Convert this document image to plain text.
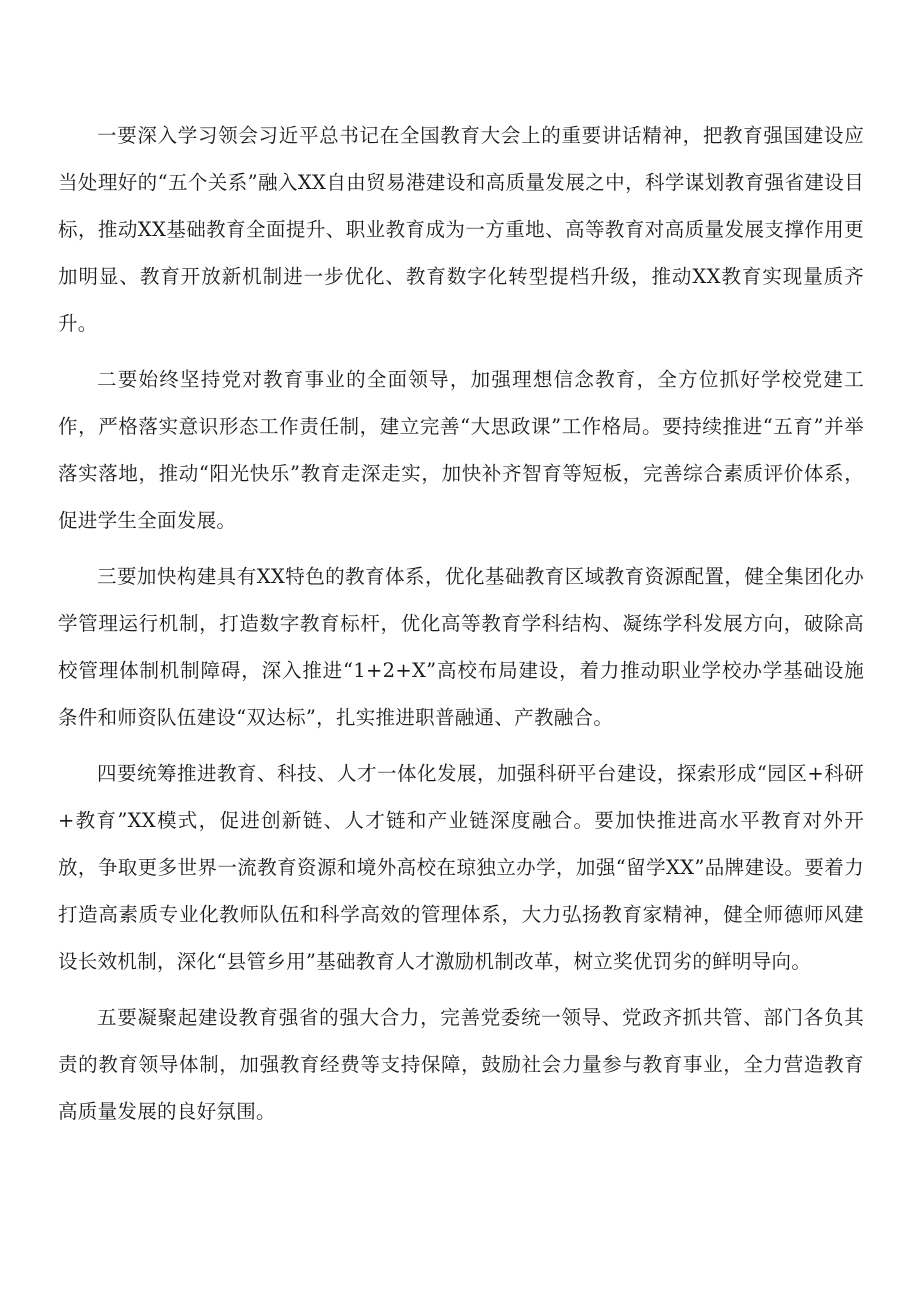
一要深入学习领会习近平总书记在全国教育大会上的重要讲话精神，把教育强国建设应当处理好的“五个关系”融入XX自由贸易港建设和高质量发展之中，科学谋划教育强省建设目标，推动XX基础教育全面提升、职业教育成为一方重地、高等教育对高质量发展支撑作用更加明显、教育开放新机制进一步优化、教育数字化转型提档升级，推动XX教育实现量质齐升。

二要始终坚持党对教育事业的全面领导，加强理想信念教育，全方位抓好学校党建工作，严格落实意识形态工作责任制，建立完善“大思政课”工作格局。要持续推进“五育”并举落实落地，推动“阳光快乐”教育走深走实，加快补齐智育等短板，完善综合素质评价体系，促进学生全面发展。

三要加快构建具有XX特色的教育体系，优化基础教育区域教育资源配置，健全集团化办学管理运行机制，打造数字教育标杆，优化高等教育学科结构、凝练学科发展方向，破除高校管理体制机制障碍，深入推进“1+2+X”高校布局建设，着力推动职业学校办学基础设施条件和师资队伍建设“双达标”，扎实推进职普融通、产教融合。

四要统筹推进教育、科技、人才一体化发展，加强科研平台建设，探索形成“园区+科研+教育”XX模式，促进创新链、人才链和产业链深度融合。要加快推进高水平教育对外开放，争取更多世界一流教育资源和境外高校在琼独立办学，加强“留学XX”品牌建设。要着力打造高素质专业化教师队伍和科学高效的管理体系，大力弘扬教育家精神，健全师德师风建设长效机制，深化“县管乡用”基础教育人才激励机制改革，树立奖优罚劣的鲜明导向。

五要凝聚起建设教育强省的强大合力，完善党委统一领导、党政齐抓共管、部门各负其责的教育领导体制，加强教育经费等支持保障，鼓励社会力量参与教育事业，全力营造教育高质量发展的良好氛围。
